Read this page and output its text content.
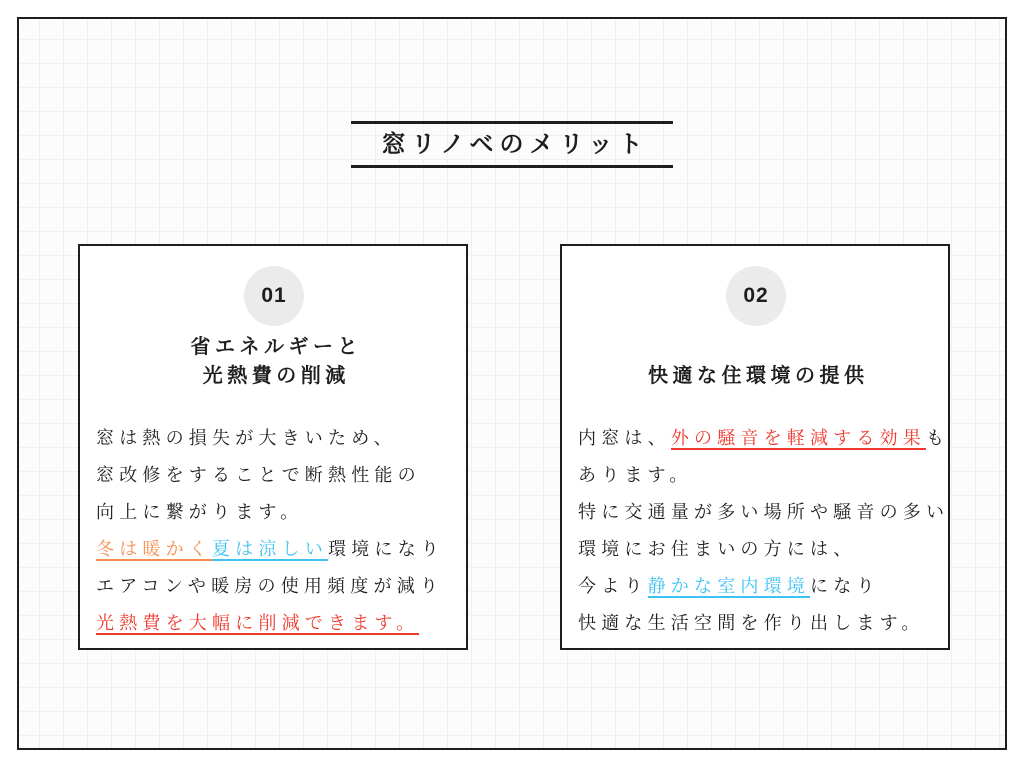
窓リノベのメリット
01
省エネルギーと
光熱費の削減
窓は熱の損失が大きいため、
窓改修をすることで断熱性能の
向上に繋がります。
冬は暖かく夏は涼しい環境になり
エアコンや暖房の使用頻度が減り
光熱費を大幅に削減できます。
02
快適な住環境の提供
内窓は、外の騒音を軽減する効果も
あります。
特に交通量が多い場所や騒音の多い
環境にお住まいの方には、
今より静かな室内環境になり
快適な生活空間を作り出します。
